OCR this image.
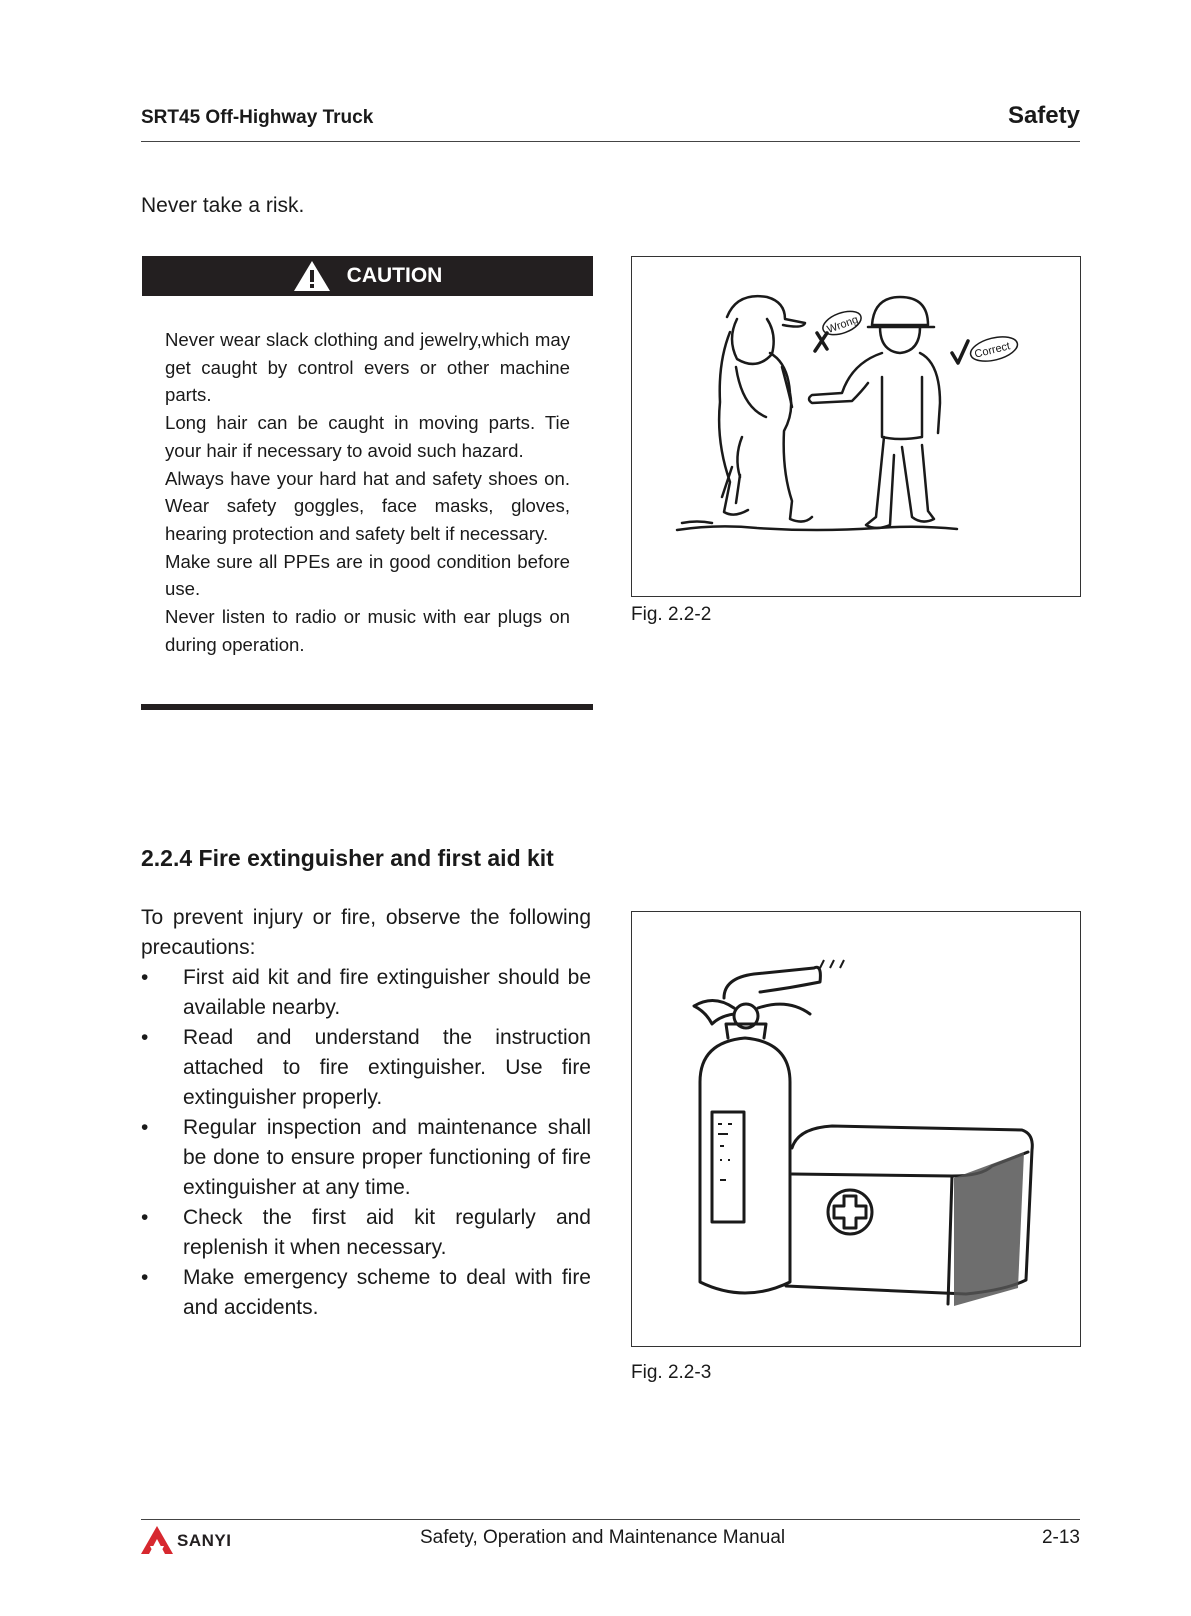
SRT45 Off-Highway Truck	Safety
Never take a risk.
CAUTION

Never wear slack clothing and jewelry,which may get caught by control evers or other machine parts.

Long hair can be caught in moving parts. Tie your hair if necessary to avoid such hazard.

Always have your hard hat and safety shoes on. Wear safety goggles, face masks, gloves, hearing protection and safety belt if necessary.

Make sure all PPEs are in good condition before use.

Never listen to radio or music with ear plugs on during operation.

Wrong
Correct
Fig. 2.2-2
2.2.4 Fire extinguisher and first aid kit
To prevent injury or fire, observe the following precautions:
•	First aid kit and fire extinguisher should be available nearby.
•	Read and understand the instruction attached to fire extinguisher. Use fire extinguisher properly.
•	Regular inspection and maintenance shall be done to ensure proper functioning of fire extinguisher at any time.
•	Check the first aid kit regularly and replenish it when necessary.
•	Make emergency scheme to deal with fire and accidents.
Fig. 2.2-3
SANYI	Safety, Operation and Maintenance Manual	2-13
